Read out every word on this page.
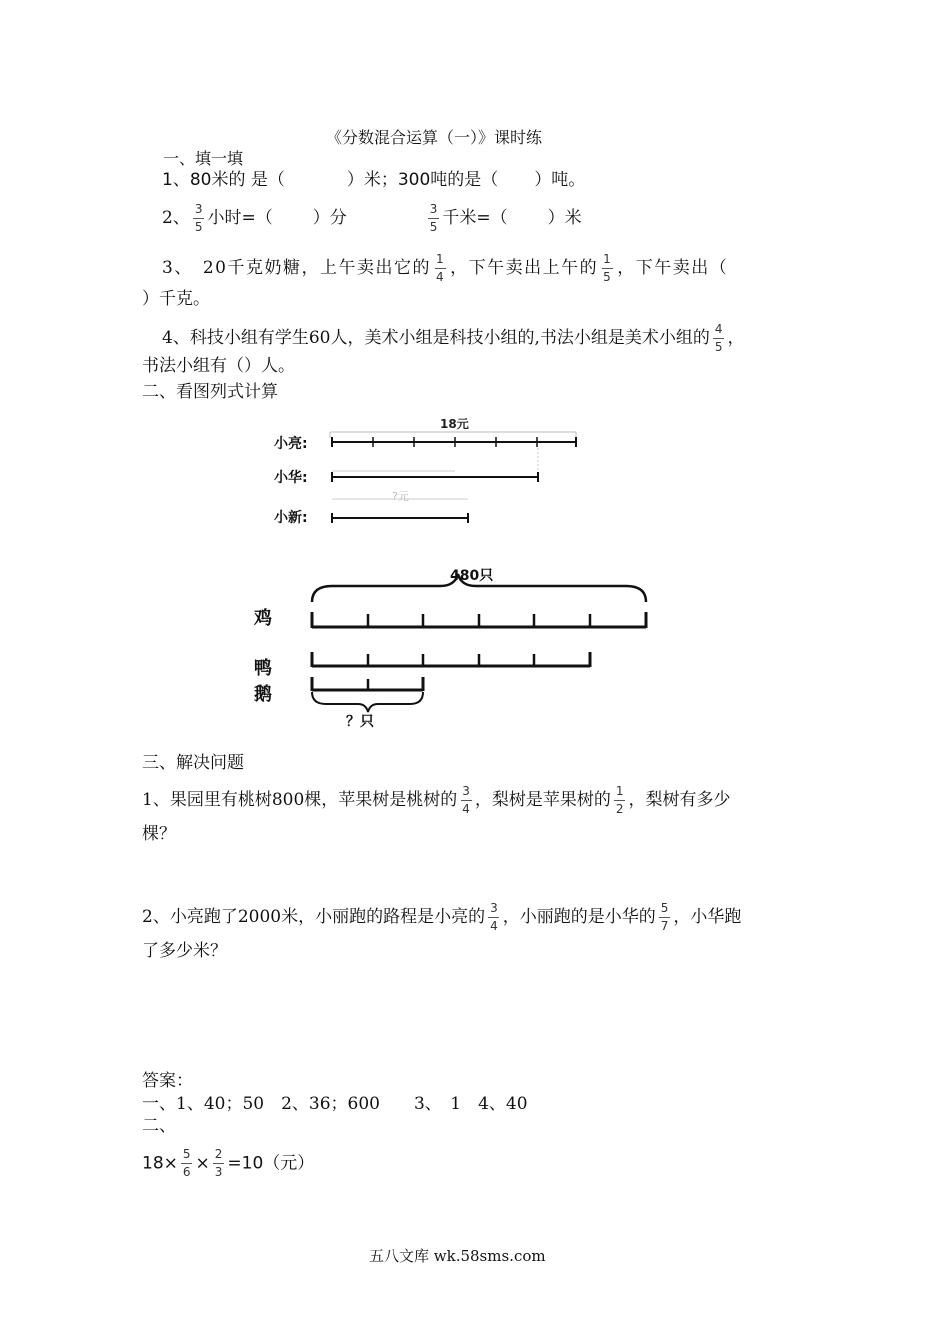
《分数混合运算（一）》课时练
一、填一填
1、80米的 是（	）米；300吨的是（ ）吨。
2、 $\frac{3}{5}$ 小时=（ ）分	$\frac{3}{5}$ 千米=（ ）米
3、　20千克奶糖，上午卖出它的 $\frac{1}{4}$ ，下午卖出上午的 $\frac{1}{5}$ ，下午卖出（
）千克。
4、科技小组有学生60人，美术小组是科技小组的,书法小组是美术小组的 $\frac{4}{5}$ ，
书法小组有（）人。
二、看图列式计算
18元
小亮:
小华:
?元
小新:
480只
鸡
鸭
鹅
？只
三、解决问题
1、果园里有桃树800棵，苹果树是桃树的 $\frac{3}{4}$ ，梨树是苹果树的 $\frac{1}{2}$ ，梨树有多少
棵？
2、小亮跑了2000米，小丽跑的路程是小亮的 $\frac{3}{4}$ ，小丽跑的是小华的 $\frac{5}{7}$ ，小华跑
了多少米？
答案：
一、1、40；50　2、36；600　　3、　1　4、40
二、
$18\times \frac{5}{6} \times \frac{2}{3} =10$（元）
五八文库 wk.58sms.com
